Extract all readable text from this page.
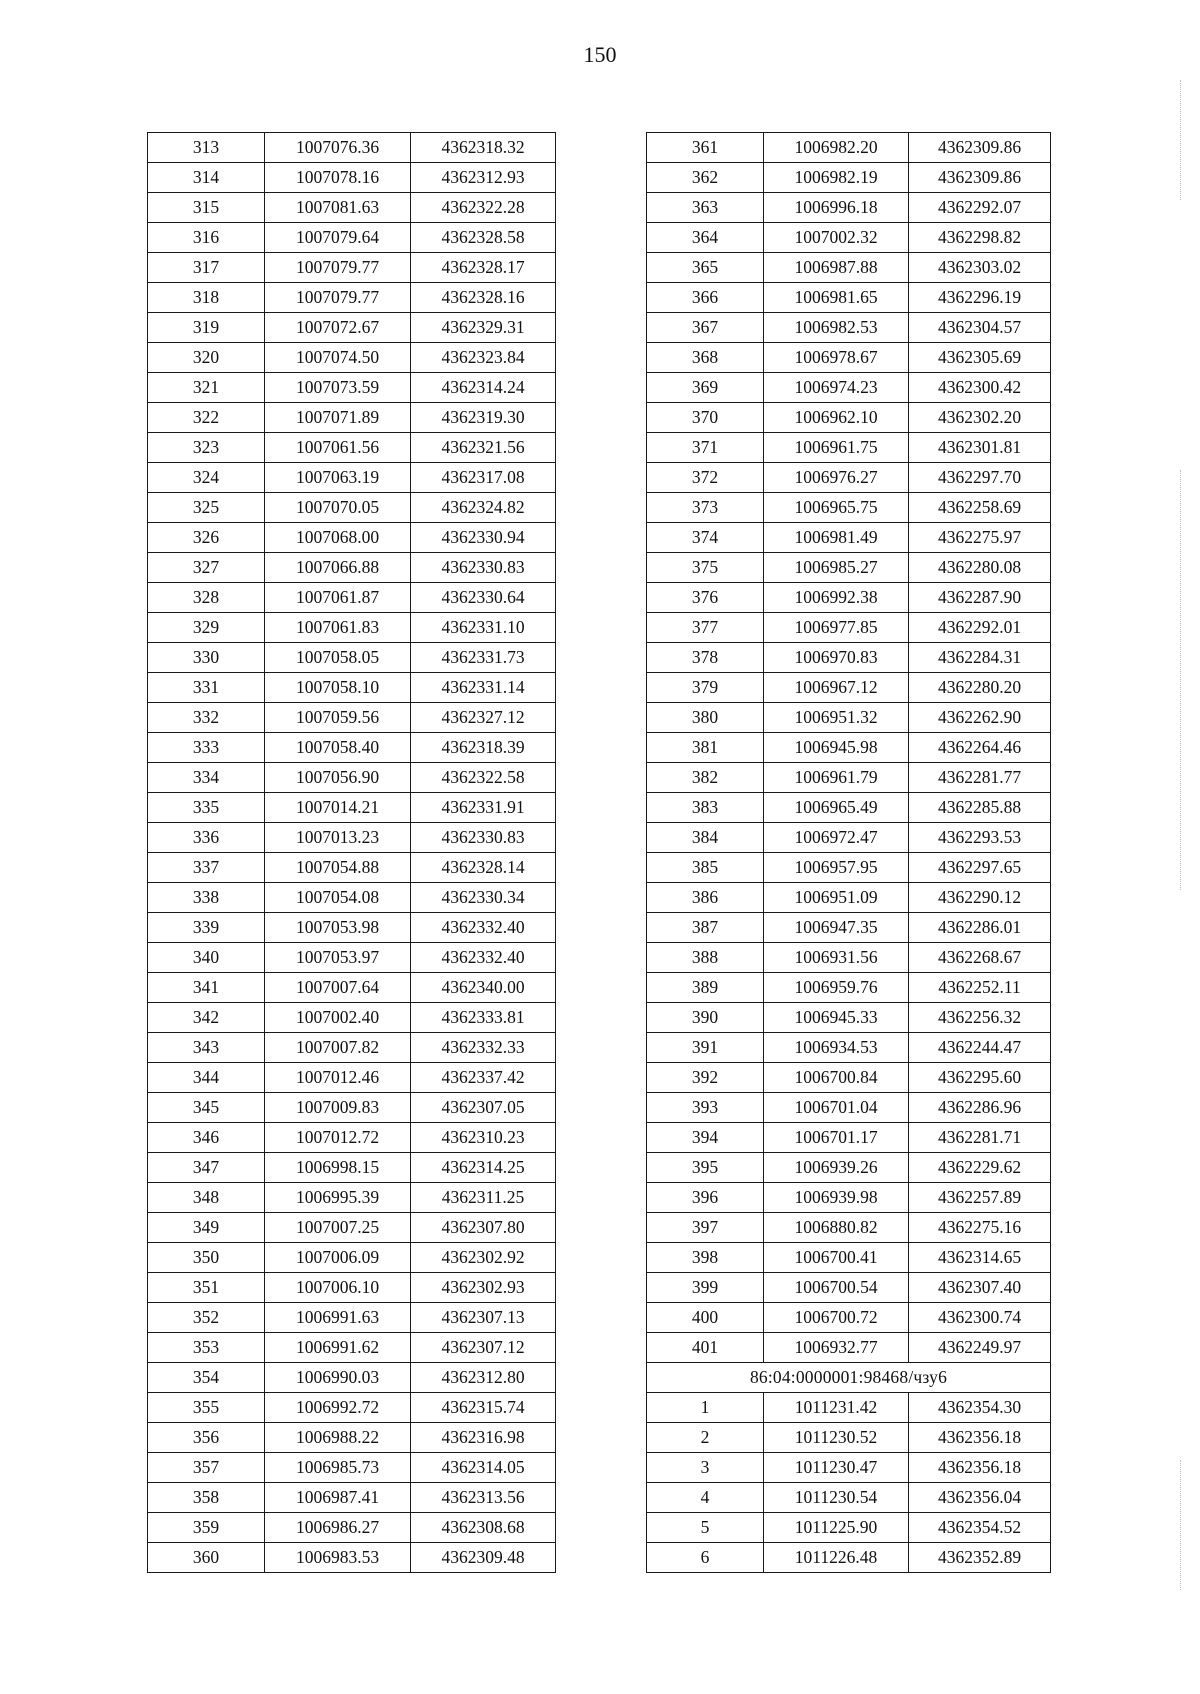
150
313	1007076.36	4362318.32
314	1007078.16	4362312.93
315	1007081.63	4362322.28
316	1007079.64	4362328.58
317	1007079.77	4362328.17
318	1007079.77	4362328.16
319	1007072.67	4362329.31
320	1007074.50	4362323.84
321	1007073.59	4362314.24
322	1007071.89	4362319.30
323	1007061.56	4362321.56
324	1007063.19	4362317.08
325	1007070.05	4362324.82
326	1007068.00	4362330.94
327	1007066.88	4362330.83
328	1007061.87	4362330.64
329	1007061.83	4362331.10
330	1007058.05	4362331.73
331	1007058.10	4362331.14
332	1007059.56	4362327.12
333	1007058.40	4362318.39
334	1007056.90	4362322.58
335	1007014.21	4362331.91
336	1007013.23	4362330.83
337	1007054.88	4362328.14
338	1007054.08	4362330.34
339	1007053.98	4362332.40
340	1007053.97	4362332.40
341	1007007.64	4362340.00
342	1007002.40	4362333.81
343	1007007.82	4362332.33
344	1007012.46	4362337.42
345	1007009.83	4362307.05
346	1007012.72	4362310.23
347	1006998.15	4362314.25
348	1006995.39	4362311.25
349	1007007.25	4362307.80
350	1007006.09	4362302.92
351	1007006.10	4362302.93
352	1006991.63	4362307.13
353	1006991.62	4362307.12
354	1006990.03	4362312.80
355	1006992.72	4362315.74
356	1006988.22	4362316.98
357	1006985.73	4362314.05
358	1006987.41	4362313.56
359	1006986.27	4362308.68
360	1006983.53	4362309.48
361	1006982.20	4362309.86
362	1006982.19	4362309.86
363	1006996.18	4362292.07
364	1007002.32	4362298.82
365	1006987.88	4362303.02
366	1006981.65	4362296.19
367	1006982.53	4362304.57
368	1006978.67	4362305.69
369	1006974.23	4362300.42
370	1006962.10	4362302.20
371	1006961.75	4362301.81
372	1006976.27	4362297.70
373	1006965.75	4362258.69
374	1006981.49	4362275.97
375	1006985.27	4362280.08
376	1006992.38	4362287.90
377	1006977.85	4362292.01
378	1006970.83	4362284.31
379	1006967.12	4362280.20
380	1006951.32	4362262.90
381	1006945.98	4362264.46
382	1006961.79	4362281.77
383	1006965.49	4362285.88
384	1006972.47	4362293.53
385	1006957.95	4362297.65
386	1006951.09	4362290.12
387	1006947.35	4362286.01
388	1006931.56	4362268.67
389	1006959.76	4362252.11
390	1006945.33	4362256.32
391	1006934.53	4362244.47
392	1006700.84	4362295.60
393	1006701.04	4362286.96
394	1006701.17	4362281.71
395	1006939.26	4362229.62
396	1006939.98	4362257.89
397	1006880.82	4362275.16
398	1006700.41	4362314.65
399	1006700.54	4362307.40
400	1006700.72	4362300.74
401	1006932.77	4362249.97
86:04:0000001:98468/чзу6		
1	1011231.42	4362354.30
2	1011230.52	4362356.18
3	1011230.47	4362356.18
4	1011230.54	4362356.04
5	1011225.90	4362354.52
6	1011226.48	4362352.89
